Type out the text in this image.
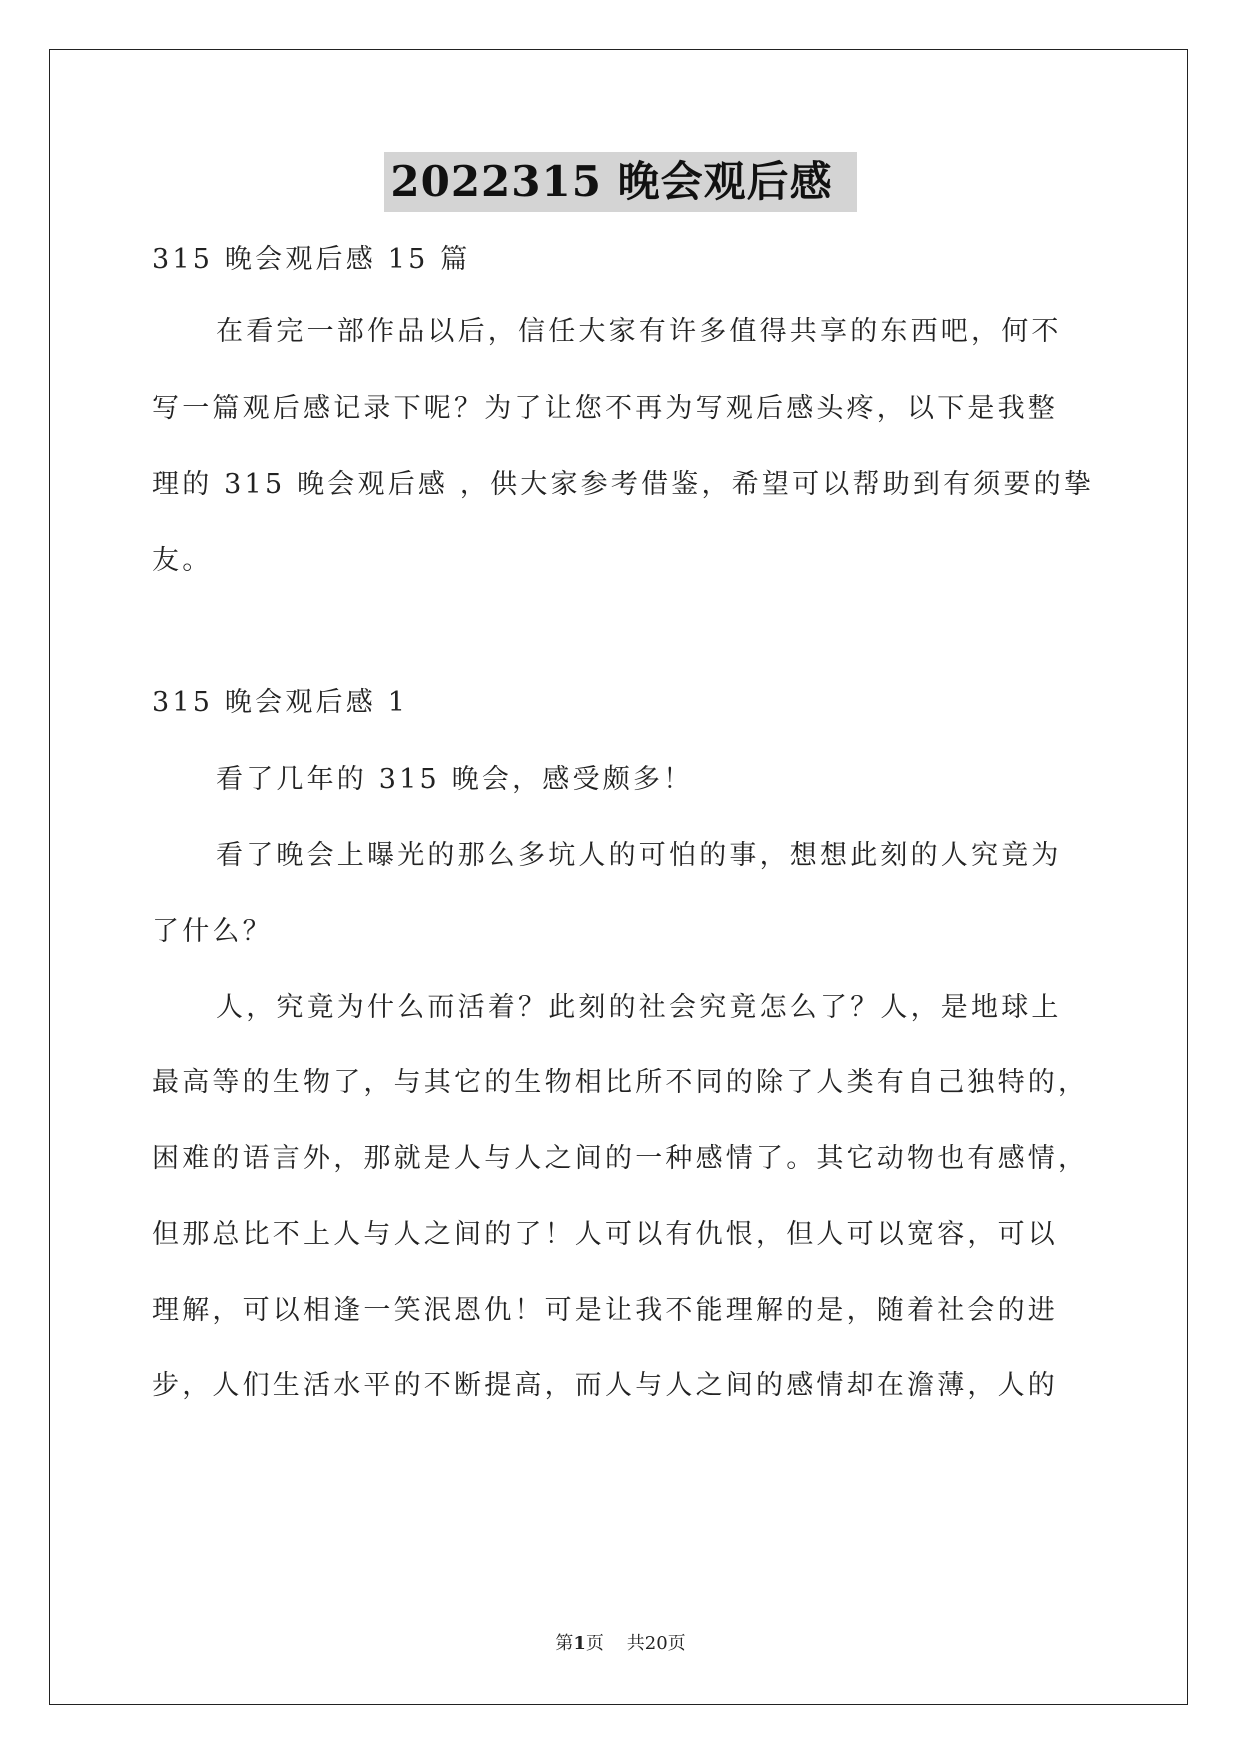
2022315 晚会观后感
315 晚会观后感 15 篇
在看完一部作品以后，信任大家有许多值得共享的东西吧，何不
写一篇观后感记录下呢？为了让您不再为写观后感头疼，以下是我整
理的 315 晚会观后感 ，供大家参考借鉴，希望可以帮助到有须要的挚
友。
315 晚会观后感 1
看了几年的 315 晚会，感受颇多！
看了晚会上曝光的那么多坑人的可怕的事，想想此刻的人究竟为
了什么？
人，究竟为什么而活着？此刻的社会究竟怎么了？人，是地球上
最高等的生物了，与其它的生物相比所不同的除了人类有自己独特的，
困难的语言外，那就是人与人之间的一种感情了。其它动物也有感情，
但那总比不上人与人之间的了！人可以有仇恨，但人可以宽容，可以
理解，可以相逢一笑泯恩仇！可是让我不能理解的是，随着社会的进
步，人们生活水平的不断提高，而人与人之间的感情却在澹薄，人的
第1页 共20页
